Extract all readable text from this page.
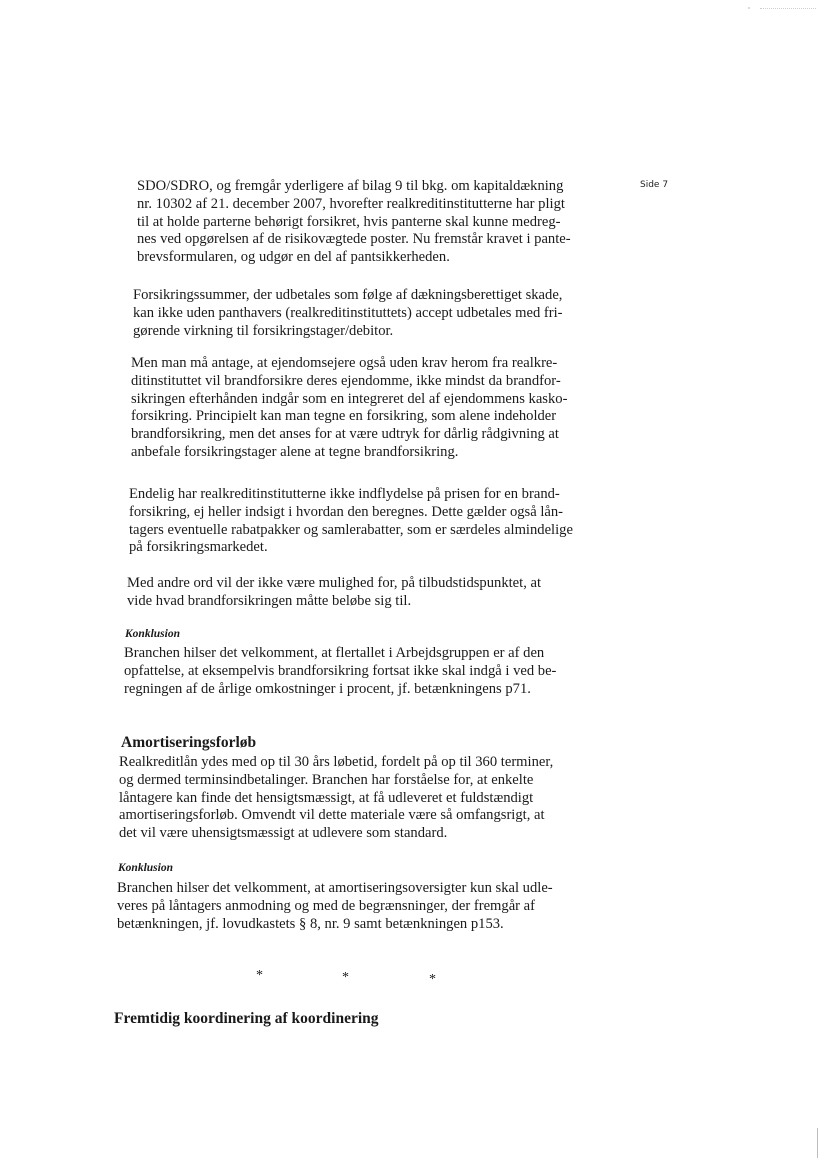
Side 7

SDO/SDRO, og fremgår yderligere af bilag 9 til bkg. om kapitaldækning
nr. 10302 af 21. december 2007, hvorefter realkreditinstitutterne har pligt
til at holde parterne behørigt forsikret, hvis panterne skal kunne medreg-
nes ved opgørelsen af de risikovægtede poster. Nu fremstår kravet i pante-
brevsformularen, og udgør en del af pantsikkerheden.

Forsikringssummer, der udbetales som følge af dækningsberettiget skade,
kan ikke uden panthavers (realkreditinstituttets) accept udbetales med fri-
gørende virkning til forsikringstager/debitor.

Men man må antage, at ejendomsejere også uden krav herom fra realkre-
ditinstituttet vil brandforsikre deres ejendomme, ikke mindst da brandfor-
sikringen efterhånden indgår som en integreret del af ejendommens kasko-
forsikring. Principielt kan man tegne en forsikring, som alene indeholder
brandforsikring, men det anses for at være udtryk for dårlig rådgivning at
anbefale forsikringstager alene at tegne brandforsikring.

Endelig har realkreditinstitutterne ikke indflydelse på prisen for en brand-
forsikring, ej heller indsigt i hvordan den beregnes. Dette gælder også lån-
tagers eventuelle rabatpakker og samlerabatter, som er særdeles almindelige
på forsikringsmarkedet.

Med andre ord vil der ikke være mulighed for, på tilbudstidspunktet, at
vide hvad brandforsikringen måtte beløbe sig til.

Konklusion

Branchen hilser det velkomment, at flertallet i Arbejdsgruppen er af den
opfattelse, at eksempelvis brandforsikring fortsat ikke skal indgå i ved be-
regningen af de årlige omkostninger i procent, jf. betænkningens p71.

Amortiseringsforløb

Realkreditlån ydes med op til 30 års løbetid, fordelt på op til 360 terminer,
og dermed terminsindbetalinger. Branchen har forståelse for, at enkelte
låntagere kan finde det hensigtsmæssigt, at få udleveret et fuldstændigt
amortiseringsforløb. Omvendt vil dette materiale være så omfangsrigt, at
det vil være uhensigtsmæssigt at udlevere som standard.

Konklusion

Branchen hilser det velkomment, at amortiseringsoversigter kun skal udle-
veres på låntagers anmodning og med de begrænsninger, der fremgår af
betænkningen, jf. lovudkastets § 8, nr. 9 samt betænkningen p153.

*	*	*

Fremtidig koordinering af koordinering
